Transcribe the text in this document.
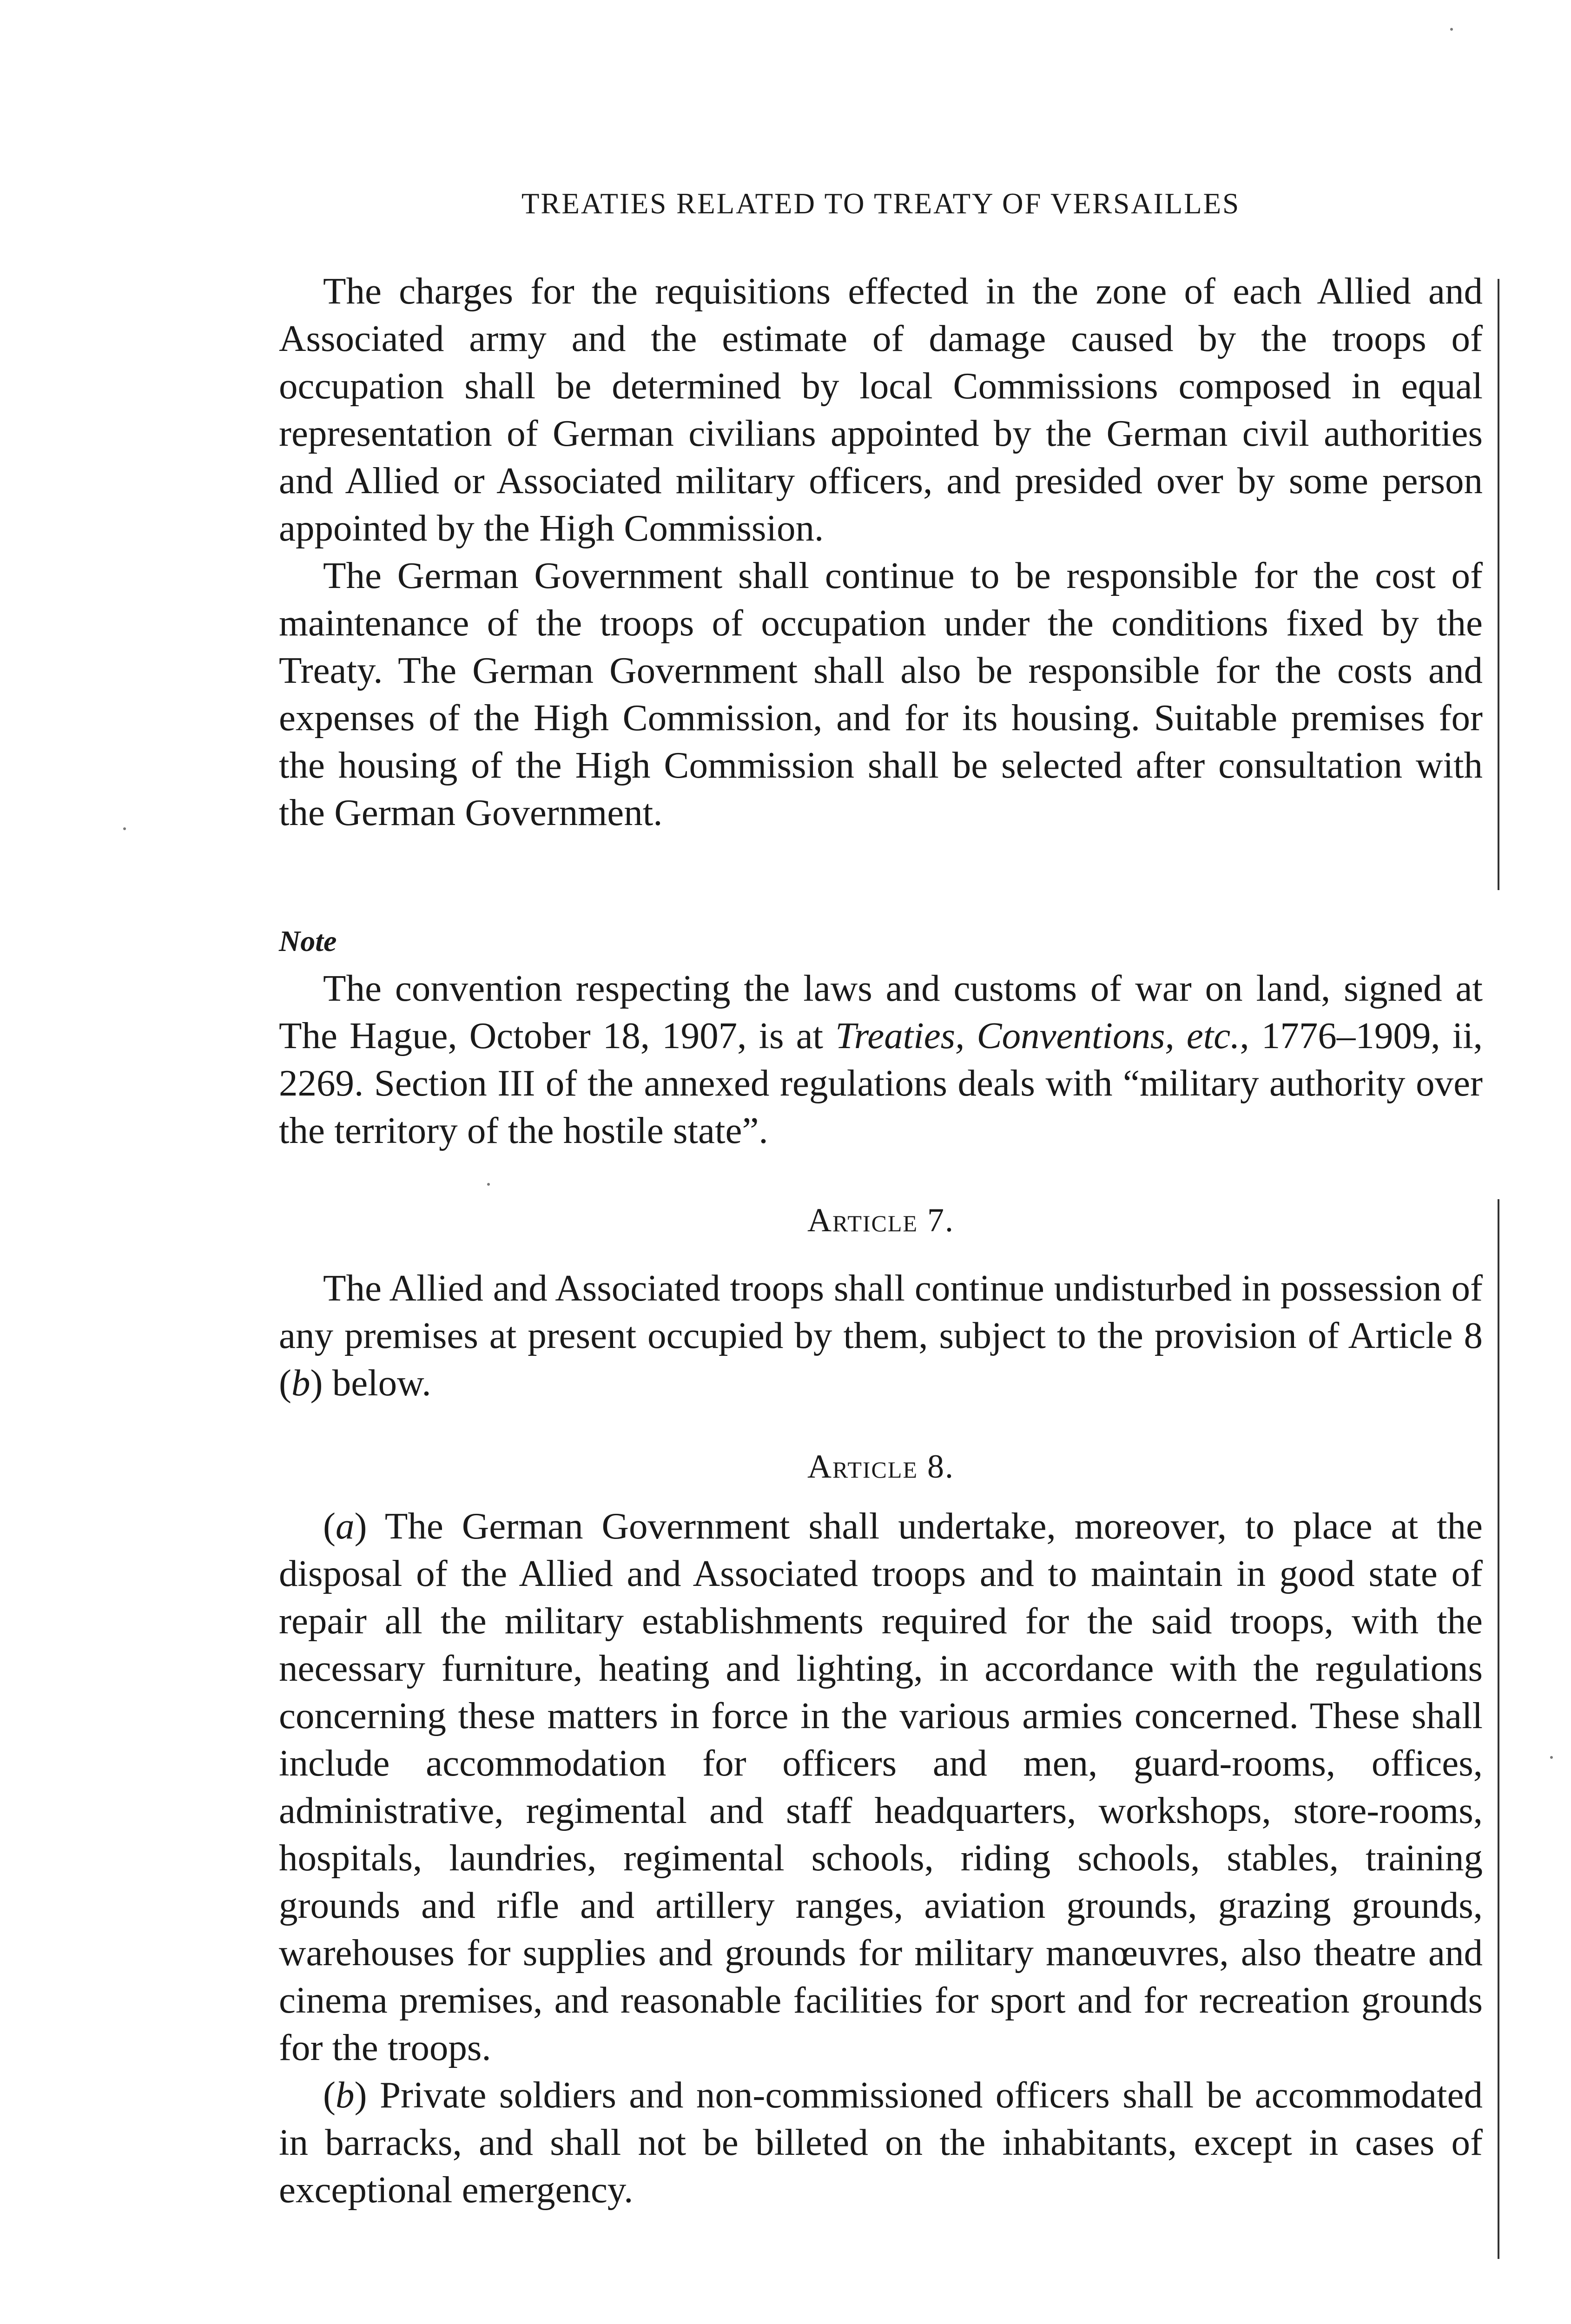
TREATIES RELATED TO TREATY OF VERSAILLES

The charges for the requisitions effected in the zone of each Allied and Associated army and the estimate of damage caused by the troops of occupation shall be determined by local Commissions composed in equal representation of German civilians appointed by the German civil authorities and Allied or Associated military officers, and presided over by some person appointed by the High Commission.

The German Government shall continue to be responsible for the cost of maintenance of the troops of occupation under the conditions fixed by the Treaty. The German Government shall also be responsible for the costs and expenses of the High Commission, and for its housing. Suitable premises for the housing of the High Commission shall be selected after consultation with the German Government.

Note

The convention respecting the laws and customs of war on land, signed at The Hague, October 18, 1907, is at Treaties, Conventions, etc., 1776–1909, ii, 2269. Section III of the annexed regulations deals with “military authority over the territory of the hostile state”.

Article 7.

The Allied and Associated troops shall continue undisturbed in possession of any premises at present occupied by them, subject to the provision of Article 8 (b) below.

Article 8.

(a) The German Government shall undertake, moreover, to place at the disposal of the Allied and Associated troops and to maintain in good state of repair all the military establishments required for the said troops, with the necessary furniture, heating and lighting, in accordance with the regulations concerning these matters in force in the various armies concerned. These shall include accommodation for officers and men, guard-rooms, offices, administrative, regimental and staff headquarters, workshops, store-rooms, hospitals, laundries, regimental schools, riding schools, stables, training grounds and rifle and artillery ranges, aviation grounds, grazing grounds, warehouses for supplies and grounds for military manœuvres, also theatre and cinema premises, and reasonable facilities for sport and for recreation grounds for the troops.

(b) Private soldiers and non-commissioned officers shall be accommodated in barracks, and shall not be billeted on the inhabitants, except in cases of exceptional emergency.
